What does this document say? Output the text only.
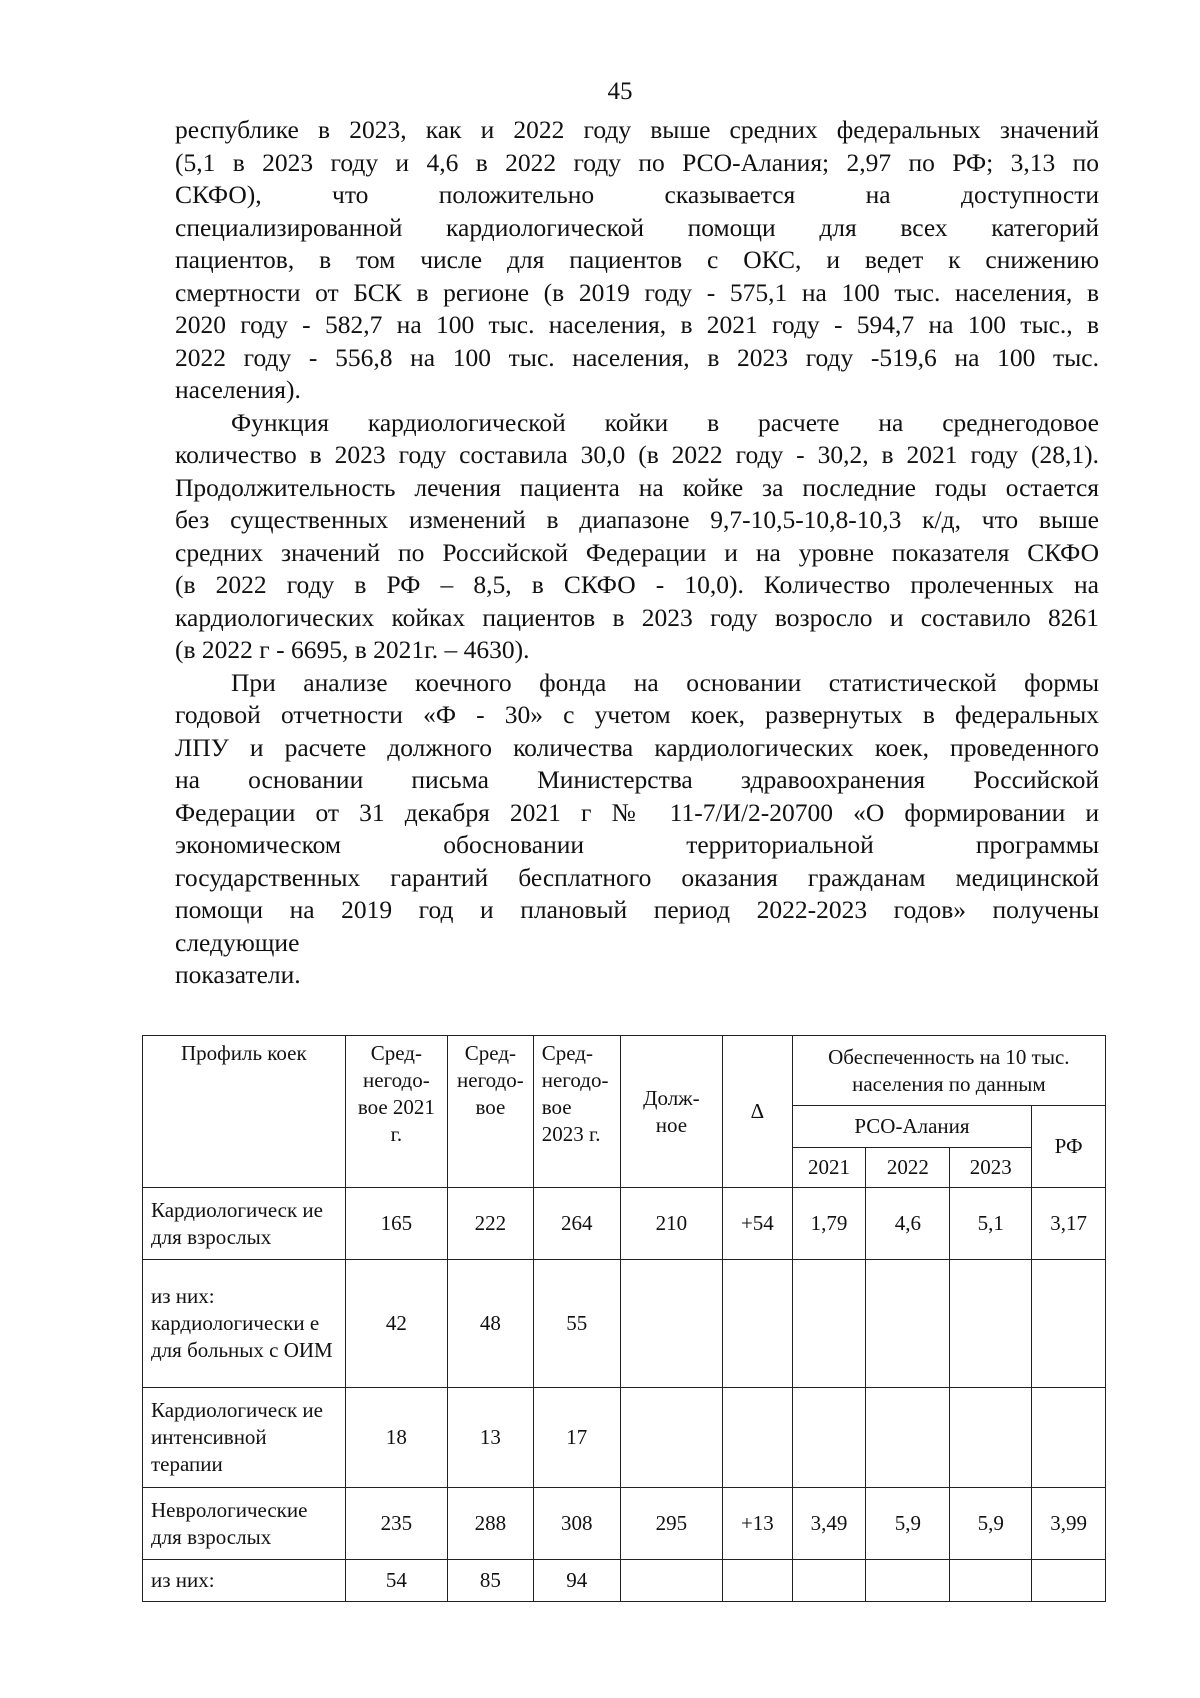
45

республике в 2023, как и 2022 году выше средних федеральных значений
(5,1 в 2023 году и 4,6 в 2022 году по РСО-Алания; 2,97 по РФ; 3,13 по
СКФО), что положительно сказывается на доступности
специализированной кардиологической помощи для всех категорий
пациентов, в том числе для пациентов с ОКС, и ведет к снижению
смертности от БСК в регионе (в 2019 году - 575,1 на 100 тыс. населения, в
2020 году - 582,7 на 100 тыс. населения, в 2021 году - 594,7 на 100 тыс., в
2022 году - 556,8 на 100 тыс. населения, в 2023 году -519,6 на 100 тыс.
населения).

Функция кардиологической койки в расчете на среднегодовое
количество в 2023 году составила 30,0 (в 2022 году - 30,2, в 2021 году (28,1).
Продолжительность лечения пациента на койке за последние годы остается
без существенных изменений в диапазоне 9,7-10,5-10,8-10,3 к/д, что выше
средних значений по Российской Федерации и на уровне показателя СКФО
(в 2022 году в РФ – 8,5, в СКФО - 10,0). Количество пролеченных на
кардиологических койках пациентов в 2023 году возросло и составило 8261
(в 2022 г - 6695, в 2021г. – 4630).

При анализе коечного фонда на основании статистической формы
годовой отчетности «Ф - 30» с учетом коек, развернутых в федеральных
ЛПУ и расчете должного количества кардиологических коек, проведенного
на основании письма Министерства здравоохранения Российской
Федерации от 31 декабря 2021 г № 11-7/И/2-20700 «О формировании и
экономическом обосновании территориальной программы
государственных гарантий бесплатного оказания гражданам медицинской
помощи на 2019 год и плановый период 2022-2023 годов» получены
следующие
показатели.

Профиль коек	Сред-негодо-вое 2021 г.	Сред-негодо-вое	Сред-негодо-вое 2023 г.	Долж-ное	Δ	Обеспеченность на 10 тыс. населения по данным			
						РСО-Алания			РФ
						2021	2022	2023	
Кардиологическ ие для взрослых	165	222	264	210	+54	1,79	4,6	5,1	3,17
из них: кардиологически е для больных с ОИМ	42	48	55						
Кардиологическ ие интенсивной терапии	18	13	17						
Неврологические для взрослых	235	288	308	295	+13	3,49	5,9	5,9	3,99
из них:	54	85	94						
